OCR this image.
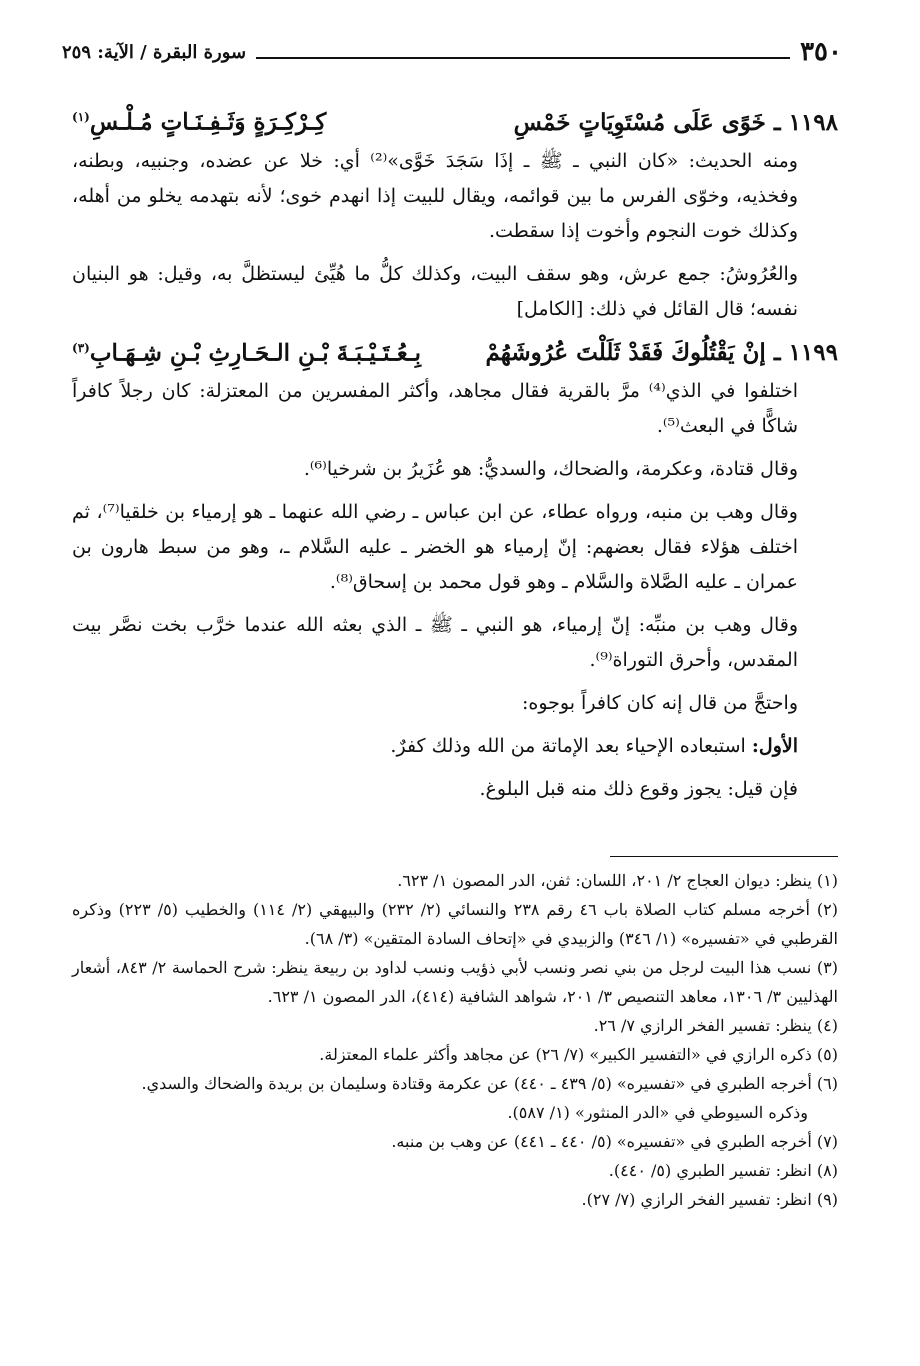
٣٥٠
سورة البقرة / الآية: ٢٥٩
١١٩٨ ـ خَوًى عَلَى مُسْتَوِيَاتٍ خَمْسِ
كِـرْكِـرَةٍ وَثَـفِـنَـاتٍ مُـلْـسِ$^{(١)}$

ومنه الحديث: «كان النبي ـ ﷺ ـ إذَا سَجَدَ خَوَّى»⁽²⁾ أي: خلا عن عضده، وجنبيه، وبطنه، وفخذيه، وخوّى الفرس ما بين قوائمه، ويقال للبيت إذا انهدم خوى؛ لأنه بتهدمه يخلو من أهله، وكذلك خوت النجوم وأخوت إذا سقطت.

والعُرُوشُ: جمع عرش، وهو سقف البيت، وكذلك كلُّ ما هُيِّئ ليستظلَّ به، وقيل: هو البنيان نفسه؛ قال القائل في ذلك: [الكامل]

١١٩٩ ـ إنْ يَقْتُلُوكَ فَقَدْ ثَلَلْتَ عُرُوشَهُمْ
بِـعُـتَـيْـبَـةَ بْـنِ الـحَـارِثِ بْـنِ شِـهَـابِ$^{(٣)}$

اختلفوا في الذي⁽⁴⁾ مرَّ بالقرية فقال مجاهد، وأكثر المفسرين من المعتزلة: كان رجلاً كافراً شاكًّا في البعث⁽⁵⁾.

وقال قتادة، وعكرمة، والضحاك، والسديُّ: هو عُزَيرُ بن شرخيا⁽⁶⁾.

وقال وهب بن منبه، ورواه عطاء، عن ابن عباس ـ رضي الله عنهما ـ هو إرمياء بن خلقيا⁽⁷⁾، ثم اختلف هؤلاء فقال بعضهم: إنّ إرمياء هو الخضر ـ عليه السَّلام ـ، وهو من سبط هارون بن عمران ـ عليه الصَّلاة والسَّلام ـ وهو قول محمد بن إسحاق⁽⁸⁾.

وقال وهب بن منبِّه: إنّ إرمياء، هو النبي ـ ﷺ ـ الذي بعثه الله عندما خرَّب بخت نصَّر بيت المقدس، وأحرق التوراة⁽⁹⁾.

واحتجَّ من قال إنه كان كافراً بوجوه:

الأول: استبعاده الإحياء بعد الإماتة من الله وذلك كفرٌ.

فإن قيل: يجوز وقوع ذلك منه قبل البلوغ.

(١) ينظر: ديوان العجاج ٢/ ٢٠١، اللسان: ثفن، الدر المصون ١/ ٦٢٣.

(٢) أخرجه مسلم كتاب الصلاة باب ٤٦ رقم ٢٣٨ والنسائي (٢/ ٢٣٢) والبيهقي (٢/ ١١٤) والخطيب (٥/ ٢٢٣) وذكره القرطبي في «تفسيره» (١/ ٣٤٦) والزبيدي في «إتحاف السادة المتقين» (٣/ ٦٨).

(٣) نسب هذا البيت لرجل من بني نصر ونسب لأبي ذؤيب ونسب لداود بن ربيعة ينظر: شرح الحماسة ٢/ ٨٤٣، أشعار الهذليين ٣/ ١٣٠٦، معاهد التنصيص ٣/ ٢٠١، شواهد الشافية (٤١٤)، الدر المصون ١/ ٦٢٣.

(٤) ينظر: تفسير الفخر الرازي ٧/ ٢٦.

(٥) ذكره الرازي في «التفسير الكبير» (٧/ ٢٦) عن مجاهد وأكثر علماء المعتزلة.

(٦) أخرجه الطبري في «تفسيره» (٥/ ٤٣٩ ـ ٤٤٠) عن عكرمة وقتادة وسليمان بن بريدة والضحاك والسدي.

وذكره السيوطي في «الدر المنثور» (١/ ٥٨٧).

(٧) أخرجه الطبري في «تفسيره» (٥/ ٤٤٠ ـ ٤٤١) عن وهب بن منبه.

(٨) انظر: تفسير الطبري (٥/ ٤٤٠).

(٩) انظر: تفسير الفخر الرازي (٧/ ٢٧).
